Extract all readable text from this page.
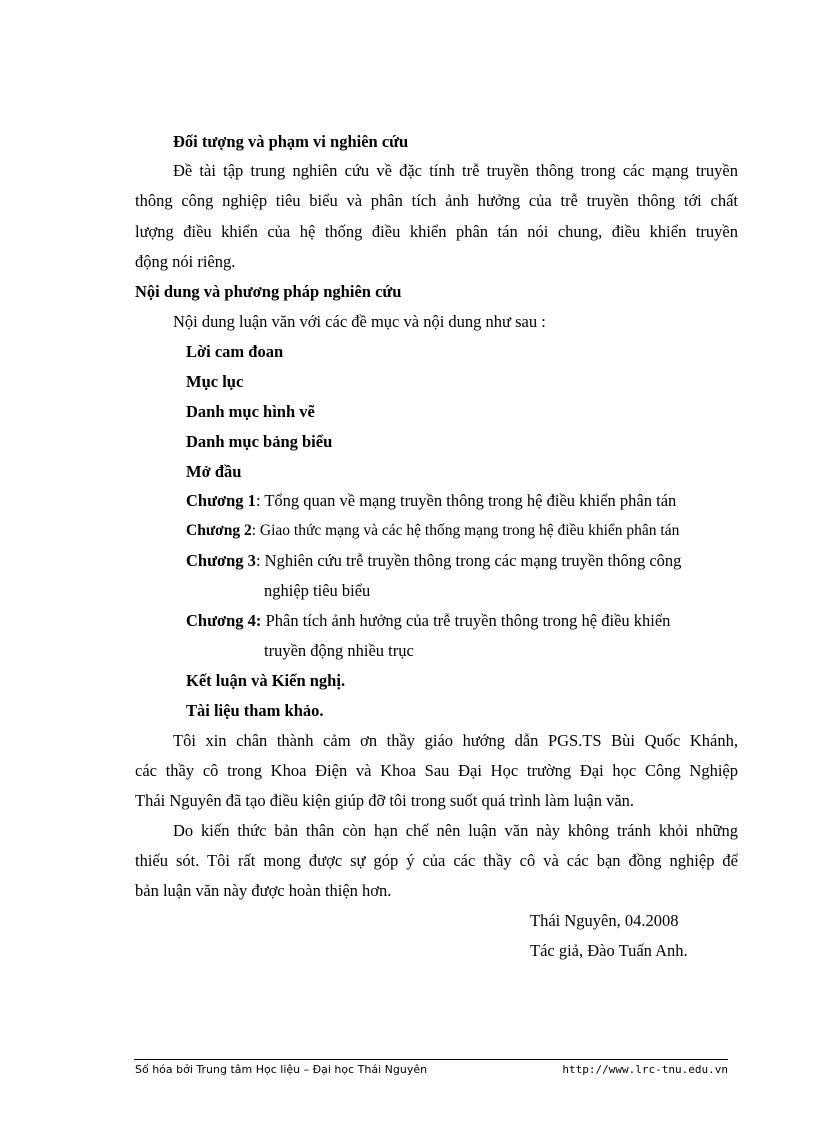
Đối tượng và phạm vi nghiên cứu
Đề tài tập trung nghiên cứu về đặc tính trễ truyền thông trong các mạng truyền
thông công nghiệp tiêu biểu và phân tích ảnh hưởng của trễ truyền thông tới chất
lượng điều khiển của hệ thống điều khiển phân tán nói chung, điều khiển truyền
động nói riêng.
Nội dung và phương pháp nghiên cứu
Nội dung luận văn với các đề mục và nội dung như sau :
Lời cam đoan
Mục lục
Danh mục hình vẽ
Danh mục bảng biểu
Mở đầu
Chương 1: Tổng quan về mạng truyền thông trong hệ điều khiển phân tán
Chương 2: Giao thức mạng và các hệ thống mạng trong hệ điều khiển phân tán
Chương 3: Nghiên cứu trễ truyền thông trong các mạng truyền thông công
nghiệp tiêu biểu
Chương 4: Phân tích ảnh hưởng của trễ truyền thông trong hệ điều khiển
truyền động nhiều trục
Kết luận và Kiến nghị.
Tài liệu tham khảo.
Tôi xin chân thành cảm ơn thầy giáo hướng dẫn PGS.TS Bùi Quốc Khánh,
các thầy cô trong Khoa Điện và Khoa Sau Đại Học trường Đại học Công Nghiệp
Thái Nguyên đã tạo điều kiện giúp đỡ tôi trong suốt quá trình làm luận văn.
Do kiến thức bản thân còn hạn chế nên luận văn này không tránh khỏi những
thiếu sót. Tôi rất mong được sự góp ý của các thầy cô và các bạn đồng nghiệp để
bản luận văn này được hoàn thiện hơn.
Thái Nguyên, 04.2008
Tác giả, Đào Tuấn Anh.
Số hóa bởi Trung tâm Học liệu – Đại học Thái Nguyên	http://www.lrc-tnu.edu.vn
